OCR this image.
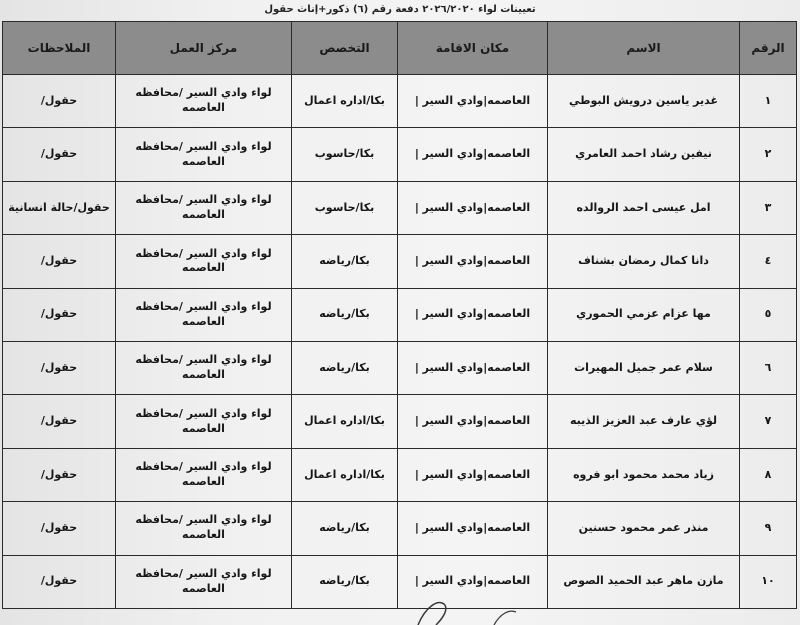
تعيينات لواء ٢٠٢٦/٢٠٢٠ دفعة رقم (٦) ذكور+إناث حقول
الرقم	الاسم	مكان الاقامة	التخصص	مركز العمل	الملاحظات
١	غدير ياسين درويش البوطي	العاصمه|وادي السير |	بكا/اداره اعمال	لواء وادي السير /محافظه العاصمه	حقول/
٢	نيفين رشاد احمد العامري	العاصمه|وادي السير |	بكا/حاسوب	لواء وادي السير /محافظه العاصمه	حقول/
٣	امل عيسى احمد الروالده	العاصمه|وادي السير |	بكا/حاسوب	لواء وادي السير /محافظه العاصمه	حقول/حالة انسانية
٤	دانا كمال رمضان بشناف	العاصمه|وادي السير |	بكا/رياضه	لواء وادي السير /محافظه العاصمه	حقول/
٥	مها عزام عزمي الحموري	العاصمه|وادي السير |	بكا/رياضه	لواء وادي السير /محافظه العاصمه	حقول/
٦	سلام عمر جميل المهيرات	العاصمه|وادي السير |	بكا/رياضه	لواء وادي السير /محافظه العاصمه	حقول/
٧	لؤي عارف عبد العزيز الذيبه	العاصمه|وادي السير |	بكا/اداره اعمال	لواء وادي السير /محافظه العاصمه	حقول/
٨	زياد محمد محمود ابو فروه	العاصمه|وادي السير |	بكا/اداره اعمال	لواء وادي السير /محافظه العاصمه	حقول/
٩	منذر عمر محمود حسنين	العاصمه|وادي السير |	بكا/رياضه	لواء وادي السير /محافظه العاصمه	حقول/
١٠	مازن ماهر عبد الحميد الصوص	العاصمه|وادي السير |	بكا/رياضه	لواء وادي السير /محافظه العاصمه	حقول/
